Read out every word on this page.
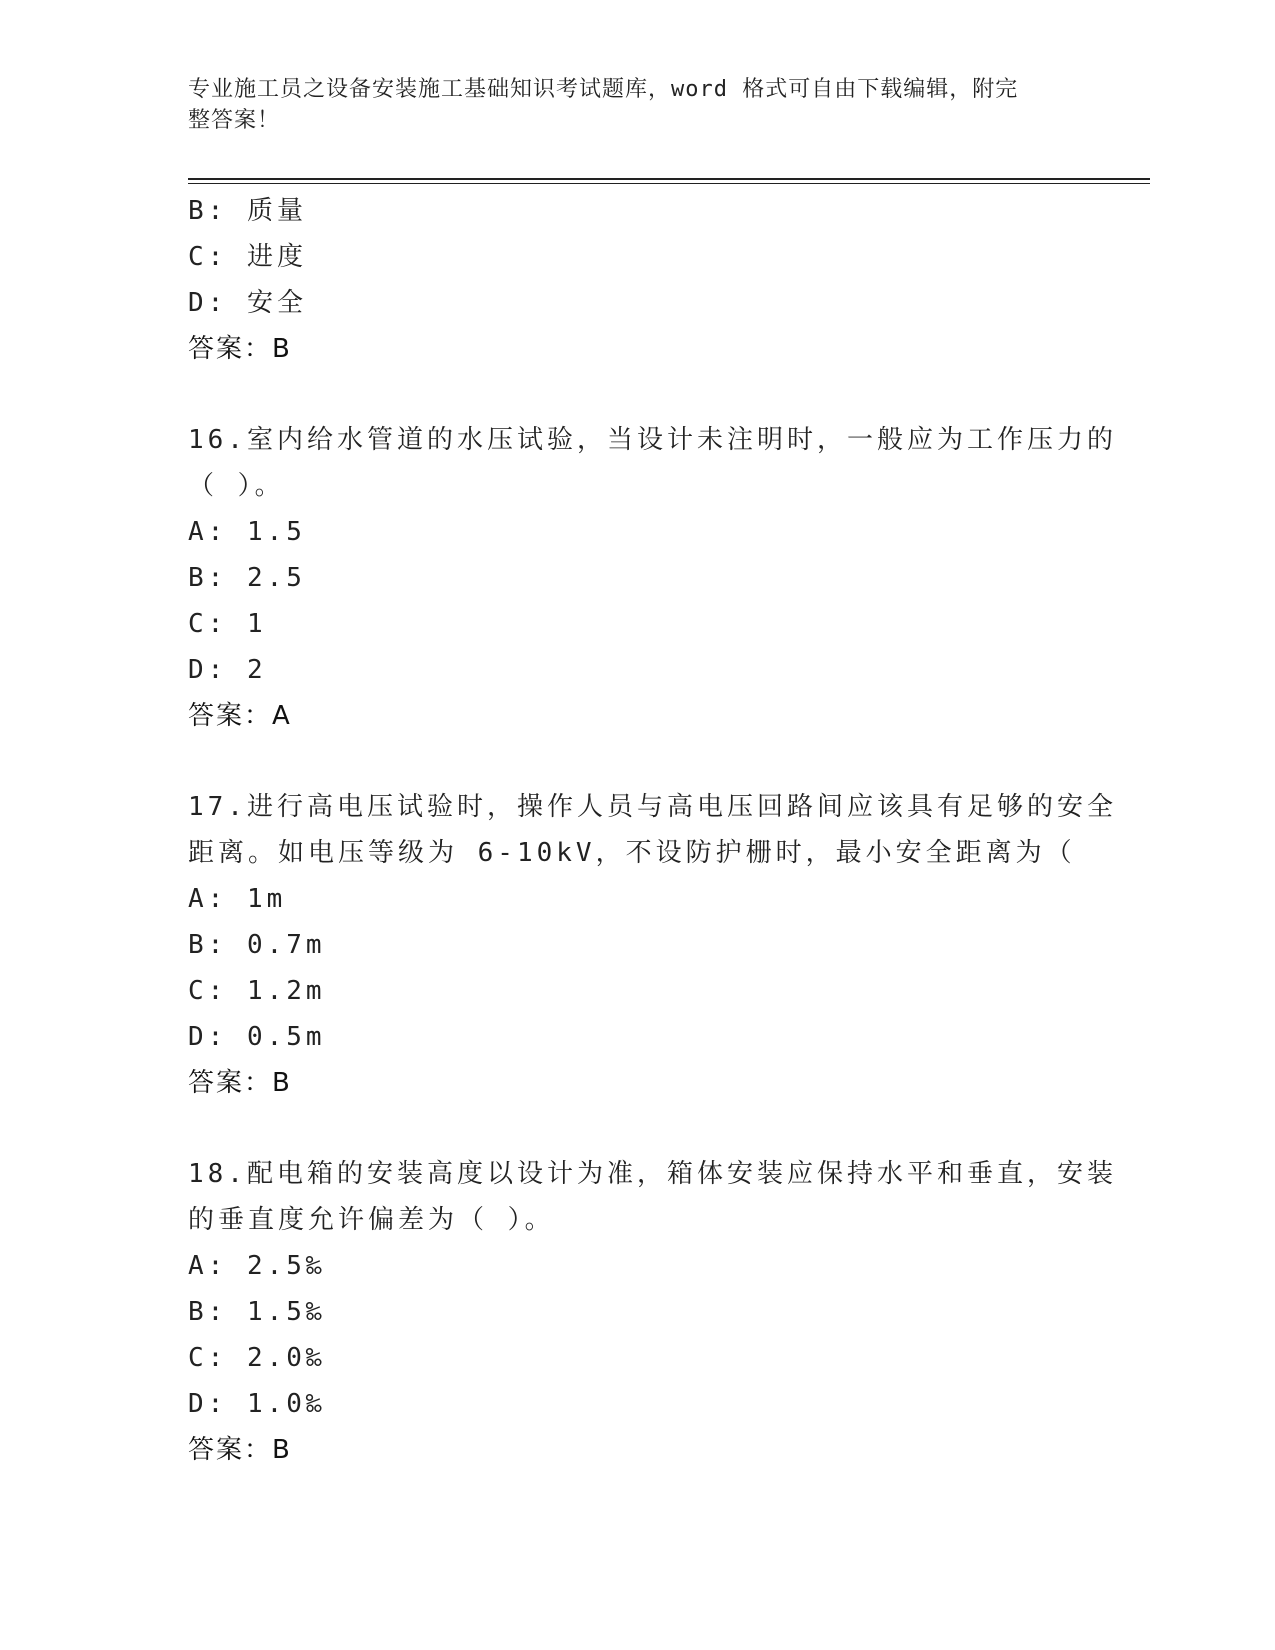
专业施工员之设备安装施工基础知识考试题库，word 格式可自由下载编辑，附完
整答案！
B: 质量
C: 进度
D: 安全
答案：B
16.室内给水管道的水压试验，当设计未注明时，一般应为工作压力的
（ ）。
A: 1.5
B: 2.5
C: 1
D: 2
答案：A
17.进行高电压试验时，操作人员与高电压回路间应该具有足够的安全
距离。如电压等级为 6-10kV，不设防护栅时，最小安全距离为（
A: 1m
B: 0.7m
C: 1.2m
D: 0.5m
答案：B
18.配电箱的安装高度以设计为准，箱体安装应保持水平和垂直，安装
的垂直度允许偏差为（ ）。
A: 2.5‰
B: 1.5‰
C: 2.0‰
D: 1.0‰
答案：B
